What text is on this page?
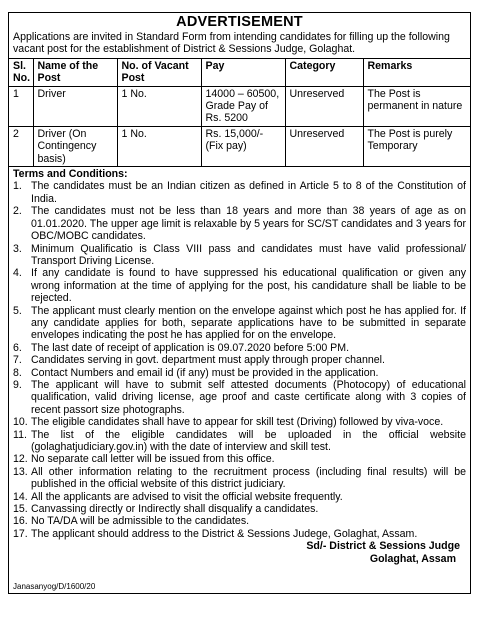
ADVERTISEMENT
Applications are invited in Standard Form from intending candidates for filling up the following vacant post for the establishment of District & Sessions Judge, Golaghat.
Sl. No.	Name of the Post	No. of Vacant Post	Pay	Category	Remarks
1	Driver	1 No.	14000 – 60500, Grade Pay of Rs. 5200	Unreserved	The Post is permanent in nature
2	Driver (On Contingency basis)	1 No.	Rs. 15,000/- (Fix pay)	Unreserved	The Post is purely Temporary
Terms and Conditions:
1. The candidates must be an Indian citizen as defined in Article 5 to 8 of the Constitution of India.
2. The candidates must not be less than 18 years and more than 38 years of age as on 01.01.2020. The upper age limit is relaxable by 5 years for SC/ST candidates and 3 years for OBC/MOBC candidates.
3. Minimum Qualificatio is Class VIII pass and candidates must have valid professional/ Transport Driving License.
4. If any candidate is found to have suppressed his educational qualification or given any wrong information at the time of applying for the post, his candidature shall be liable to be rejected.
5. The applicant must clearly mention on the envelope against which post he has applied for. If any candidate applies for both, separate applications have to be submitted in separate envelopes indicating the post he has applied for on the envelope.
6. The last date of receipt of application is 09.07.2020 before 5:00 PM.
7. Candidates serving in govt. department must apply through proper channel.
8. Contact Numbers and email id (if any) must be provided in the application.
9. The applicant will have to submit self attested documents (Photocopy) of educational qualification, valid driving license, age proof and caste certificate along with 3 copies of recent passort size photographs.
10. The eligible candidates shall have to appear for skill test (Driving) followed by viva-voce.
11. The list of the eligible candidates will be uploaded in the official website (golaghatjudiciary.gov.in) with the date of interview and skill test.
12. No separate call letter will be issued from this office.
13. All other information relating to the recruitment process (including final results) will be published in the official website of this district judiciary.
14. All the applicants are advised to visit the official website frequently.
15. Canvassing directly or Indirectly shall disqualify a candidates.
16. No TA/DA will be admissible to the candidates.
17. The applicant should address to the District & Sessions Judege, Golaghat, Assam.
Sd/- District & Sessions Judge
Golaghat, Assam
Janasanyog/D/1600/20
